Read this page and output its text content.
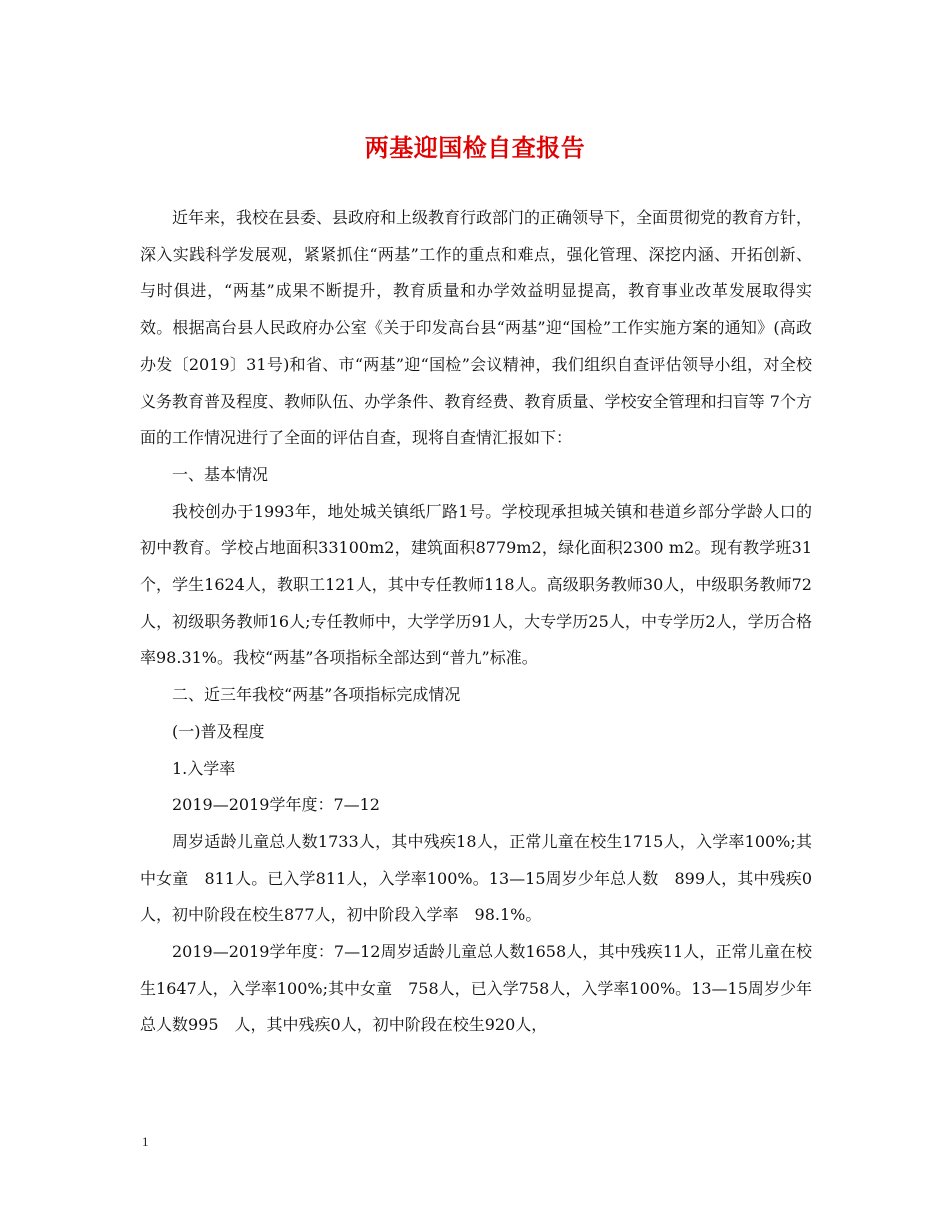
两基迎国检自查报告

近年来，我校在县委、县政府和上级教育行政部门的正确领导下，全面贯彻党的教育方针，深入实践科学发展观，紧紧抓住“两基”工作的重点和难点，强化管理、深挖内涵、开拓创新、与时俱进，“两基”成果不断提升，教育质量和办学效益明显提高，教育事业改革发展取得实效。根据高台县人民政府办公室《关于印发高台县“两基”迎“国检”工作实施方案的通知》(高政办发〔2019〕31号)和省、市“两基”迎“国检”会议精神，我们组织自查评估领导小组，对全校义务教育普及程度、教师队伍、办学条件、教育经费、教育质量、学校安全管理和扫盲等 7个方面的工作情况进行了全面的评估自查，现将自查情汇报如下：

一、基本情况

我校创办于1993年，地处城关镇纸厂路1号。学校现承担城关镇和巷道乡部分学龄人口的初中教育。学校占地面积33100m2，建筑面积8779m2，绿化面积2300 m2。现有教学班31个，学生1624人，教职工121人，其中专任教师118人。高级职务教师30人，中级职务教师72人，初级职务教师16人;专任教师中，大学学历91人，大专学历25人，中专学历2人，学历合格率98.31%。我校“两基”各项指标全部达到“普九”标准。

二、近三年我校“两基”各项指标完成情况

(一)普及程度

1.入学率

2019—2019学年度：7—12

周岁适龄儿童总人数1733人，其中残疾18人，正常儿童在校生1715人，入学率100%;其中女童　811人。已入学811人，入学率100%。13—15周岁少年总人数　899人，其中残疾0人，初中阶段在校生877人，初中阶段入学率　98.1%。

2019—2019学年度：7—12周岁适龄儿童总人数1658人，其中残疾11人，正常儿童在校生1647人，入学率100%;其中女童　758人，已入学758人，入学率100%。13—15周岁少年总人数995　人，其中残疾0人，初中阶段在校生920人，

1
